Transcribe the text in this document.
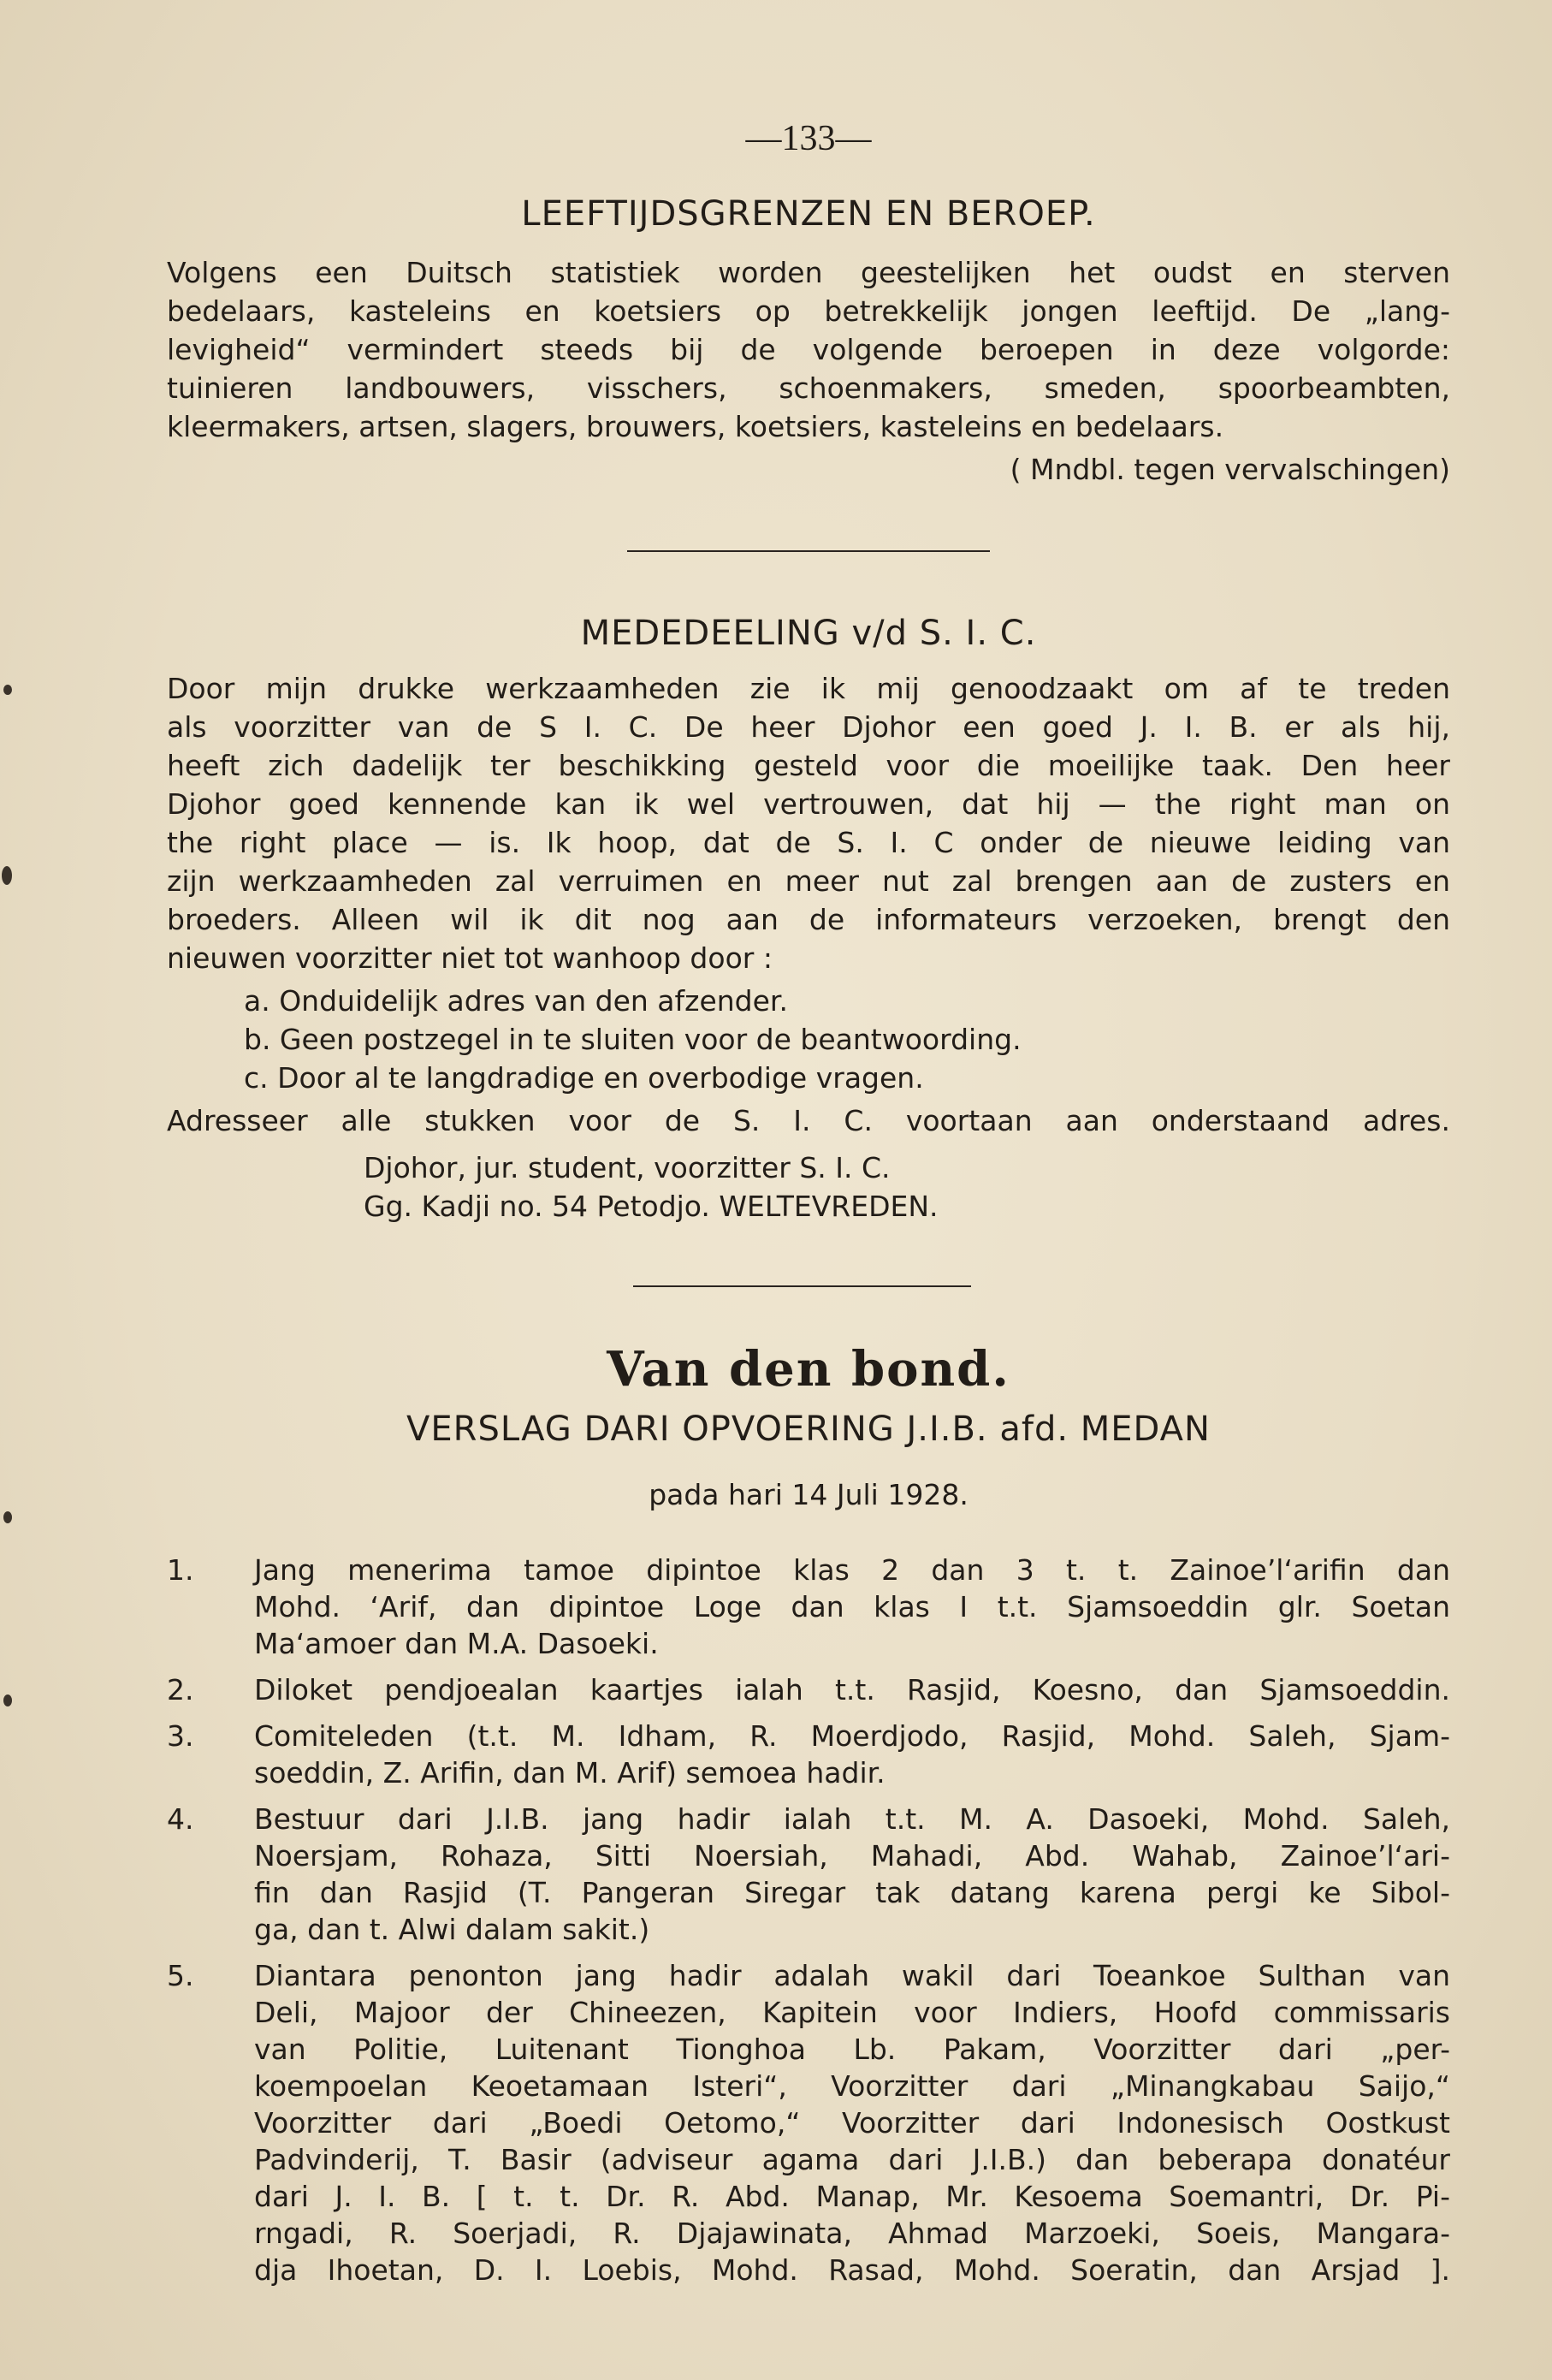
—133—
LEEFTIJDSGRENZEN EN BEROEP.
Volgens een Duitsch statistiek worden geestelijken het oudst en sterven
bedelaars, kasteleins en koetsiers op betrekkelijk jongen leeftijd. De „lang-
levigheid“ vermindert steeds bij de volgende beroepen in deze volgorde:
tuinieren landbouwers, visschers, schoenmakers, smeden, spoorbeambten,
kleermakers, artsen, slagers, brouwers, koetsiers, kasteleins en bedelaars.
( Mndbl. tegen vervalschingen)
MEDEDEELING v/d S. I. C.
Door mijn drukke werkzaamheden zie ik mij genoodzaakt om af te treden
als voorzitter van de S I. C. De heer Djohor een goed J. I. B. er als hij,
heeft zich dadelijk ter beschikking gesteld voor die moeilijke taak. Den heer
Djohor goed kennende kan ik wel vertrouwen, dat hij — the right man on
the right place — is. Ik hoop, dat de S. I. C onder de nieuwe leiding van
zijn werkzaamheden zal verruimen en meer nut zal brengen aan de zusters en
broeders. Alleen wil ik dit nog aan de informateurs verzoeken, brengt den
nieuwen voorzitter niet tot wanhoop door :
a. Onduidelijk adres van den afzender.
b. Geen postzegel in te sluiten voor de beantwoording.
c. Door al te langdradige en overbodige vragen.
Adresseer alle stukken voor de S. I. C. voortaan aan onderstaand adres.
Djohor, jur. student, voorzitter S. I. C.
Gg. Kadji no. 54 Petodjo. WELTEVREDEN.
Van den bond.
VERSLAG DARI OPVOERING J.I.B. afd. MEDAN
pada hari 14 Juli 1928.
1.	Jang menerima tamoe dipintoe klas 2 dan 3 t. t. Zainoe’l‘arifin dan
Mohd. ‘Arif, dan dipintoe Loge dan klas I t.t. Sjamsoeddin glr. Soetan
Ma‘amoer dan M.A. Dasoeki.
2.	Diloket pendjoealan kaartjes ialah t.t. Rasjid, Koesno, dan Sjamsoeddin.
3.	Comiteleden (t.t. M. Idham, R. Moerdjodo, Rasjid, Mohd. Saleh, Sjam-
soeddin, Z. Arifin, dan M. Arif) semoea hadir.
4.	Bestuur dari J.I.B. jang hadir ialah t.t. M. A. Dasoeki, Mohd. Saleh,
Noersjam, Rohaza, Sitti Noersiah, Mahadi, Abd. Wahab, Zainoe’l‘ari-
fin dan Rasjid (T. Pangeran Siregar tak datang karena pergi ke Sibol-
ga, dan t. Alwi dalam sakit.)
5.	Diantara penonton jang hadir adalah wakil dari Toeankoe Sulthan van
Deli, Majoor der Chineezen, Kapitein voor Indiers, Hoofd commissaris
van Politie, Luitenant Tionghoa Lb. Pakam, Voorzitter dari „per-
koempoelan Keoetamaan Isteri“, Voorzitter dari „Minangkabau Saijo,“
Voorzitter dari „Boedi Oetomo,“ Voorzitter dari Indonesisch Oostkust
Padvinderij, T. Basir (adviseur agama dari J.I.B.) dan beberapa donatéur
dari J. I. B. [ t. t. Dr. R. Abd. Manap, Mr. Kesoema Soemantri, Dr. Pi-
rngadi, R. Soerjadi, R. Djajawinata, Ahmad Marzoeki, Soeis, Mangara-
dja Ihoetan, D. I. Loebis, Mohd. Rasad, Mohd. Soeratin, dan Arsjad ].
